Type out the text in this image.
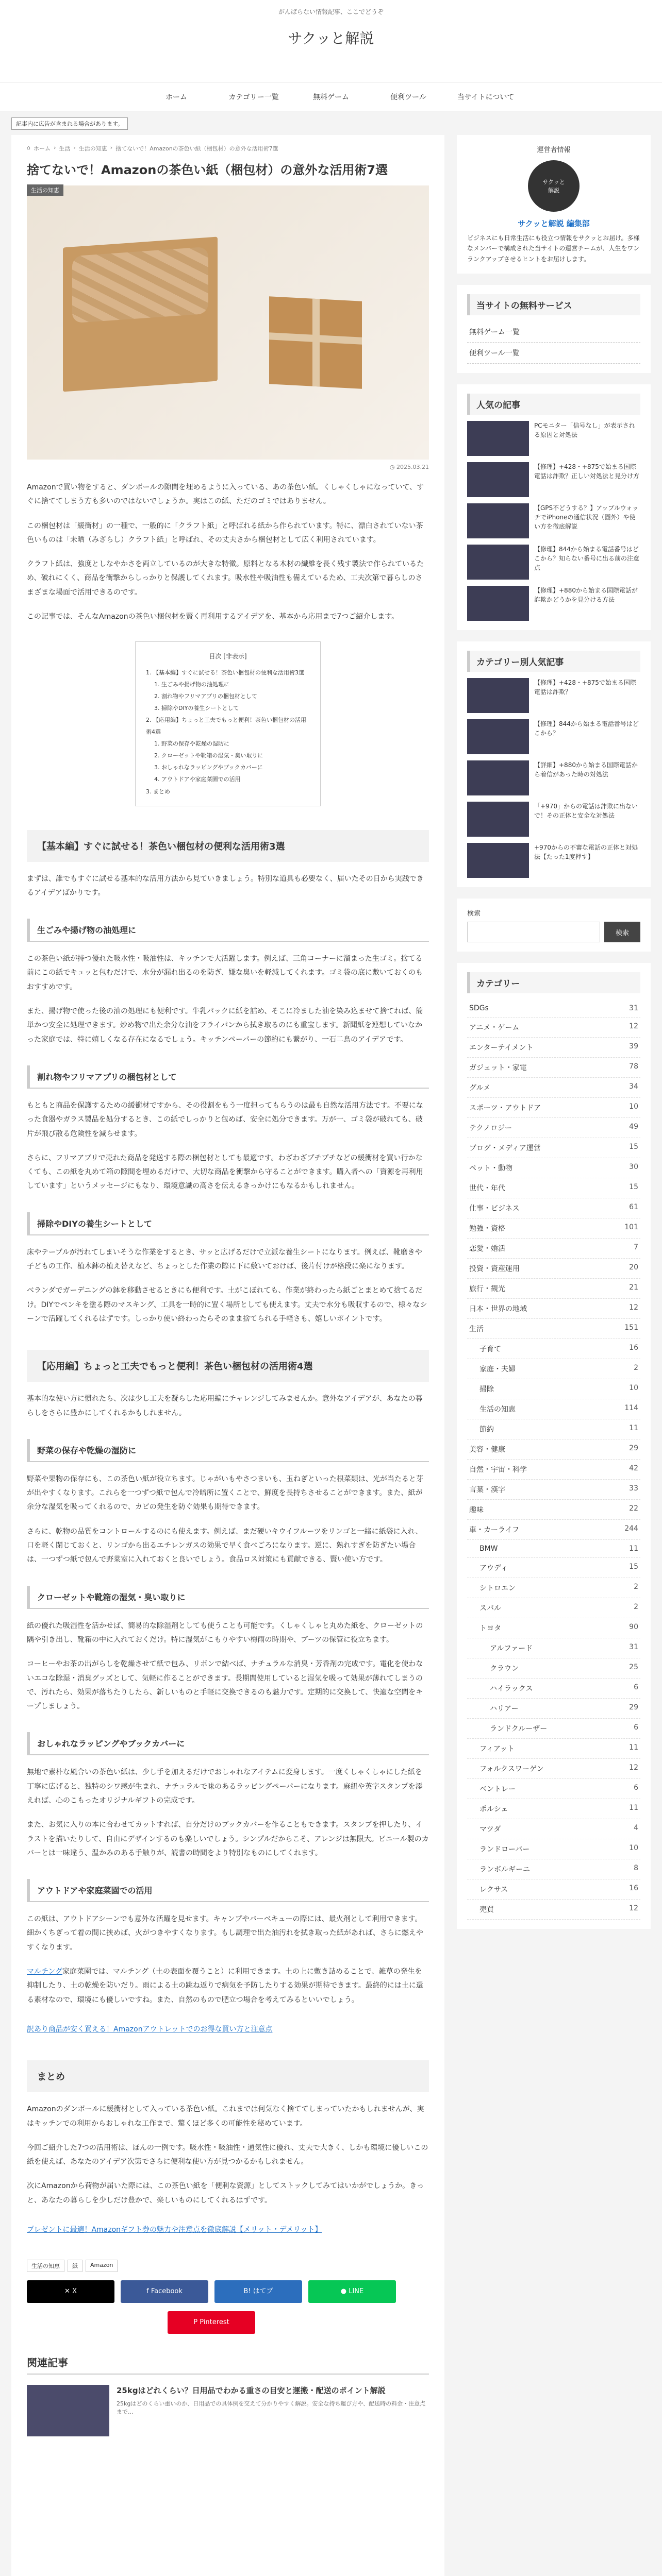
がんばらない情報記事、ここでどうぞ
サクッと解説
ホーム	カテゴリー一覧	無料ゲーム	便利ツール	当サイトについて
記事内に広告が含まれる場合があります。
⌂ ホーム › 生活 › 生活の知恵 › 捨てないで！Amazonの茶色い紙（梱包材）の意外な活用術7選
捨てないで！Amazonの茶色い紙（梱包材）の意外な活用術7選
生活の知恵
◷ 2025.03.21

Amazonで買い物をすると、ダンボールの隙間を埋めるように入っている、あの茶色い紙。くしゃくしゃになっていて、すぐに捨ててしまう方も多いのではないでしょうか。実はこの紙、ただのゴミではありません。

この梱包材は「緩衝材」の一種で、一般的に「クラフト紙」と呼ばれる紙から作られています。特に、漂白されていない茶色いものは「未晒（みざらし）クラフト紙」と呼ばれ、その丈夫さから梱包材として広く利用されています。

クラフト紙は、強度としなやかさを両立しているのが大きな特徴。原料となる木材の繊維を長く残す製法で作られているため、破れにくく、商品を衝撃からしっかりと保護してくれます。吸水性や吸油性も備えているため、工夫次第で暮らしのさまざまな場面で活用できるのです。

この記事では、そんなAmazonの茶色い梱包材を賢く再利用するアイデアを、基本から応用まで7つご紹介します。

目次 [非表示]
1. 【基本編】すぐに試せる！茶色い梱包材の便利な活用術3選
1. 生ごみや揚げ物の油処理に
2. 割れ物やフリマアプリの梱包材として
3. 掃除やDIYの養生シートとして
2. 【応用編】ちょっと工夫でもっと便利！茶色い梱包材の活用術4選
1. 野菜の保存や乾燥の湿防に
2. クローゼットや靴箱の湿気・臭い取りに
3. おしゃれなラッピングやブックカバーに
4. アウトドアや家庭菜園での活用
3. まとめ
【基本編】すぐに試せる！茶色い梱包材の便利な活用術3選

まずは、誰でもすぐに試せる基本的な活用方法から見ていきましょう。特別な道具も必要なく、届いたその日から実践できるアイデアばかりです。

生ごみや揚げ物の油処理に

この茶色い紙が持つ優れた吸水性・吸油性は、キッチンで大活躍します。例えば、三角コーナーに溜まった生ゴミ。捨てる前にこの紙でキュッと包むだけで、水分が漏れ出るのを防ぎ、嫌な臭いを軽減してくれます。ゴミ袋の底に敷いておくのもおすすめです。

また、揚げ物で使った後の油の処理にも便利です。牛乳パックに紙を詰め、そこに冷ました油を染み込ませて捨てれば、簡単かつ安全に処理できます。炒め物で出た余分な油をフライパンから拭き取るのにも重宝します。新聞紙を連想していなかった家庭では、特に嬉しくなる存在になるでしょう。キッチンペーパーの節約にも繋がり、一石二鳥のアイデアです。

割れ物やフリマアプリの梱包材として

もともと商品を保護するための緩衝材ですから、その役割をもう一度担ってもらうのは最も自然な活用方法です。不要になった食器やガラス製品を処分するとき、この紙でしっかりと包めば、安全に処分できます。万が一、ゴミ袋が破れても、破片が飛び散る危険性を減らせます。

さらに、フリマアプリで売れた商品を発送する際の梱包材としても最適です。わざわざプチプチなどの緩衝材を買い行かなくても、この紙を丸めて箱の隙間を埋めるだけで、大切な商品を衝撃から守ることができます。購入者への「資源を再利用しています」というメッセージにもなり、環境意識の高さを伝えるきっかけにもなるかもしれません。

掃除やDIYの養生シートとして

床やテーブルが汚れてしまいそうな作業をするとき、サッと広げるだけで立派な養生シートになります。例えば、靴磨きや子どもの工作、植木鉢の植え替えなど、ちょっとした作業の際に下に敷いておけば、後片付けが格段に楽になります。

ベランダでガーデニングの鉢を移動させるときにも便利です。土がこぼれても、作業が終わったら紙ごとまとめて捨てるだけ。DIYでペンキを塗る際のマスキング、工具を一時的に置く場所としても使えます。丈夫で水分も吸収するので、様々なシーンで活躍してくれるはずです。しっかり使い終わったらそのまま捨てられる手軽さも、嬉しいポイントです。

【応用編】ちょっと工夫でもっと便利！茶色い梱包材の活用術4選

基本的な使い方に慣れたら、次は少し工夫を凝らした応用編にチャレンジしてみませんか。意外なアイデアが、あなたの暮らしをさらに豊かにしてくれるかもしれません。

野菜の保存や乾燥の湿防に

野菜や果物の保存にも、この茶色い紙が役立ちます。じゃがいもやさつまいも、玉ねぎといった根菜類は、光が当たると芽が出やすくなります。これらを一つずつ紙で包んで冷暗所に置くことで、鮮度を長持ちさせることができます。また、紙が余分な湿気を吸ってくれるので、カビの発生を防ぐ効果も期待できます。

さらに、乾物の品質をコントロールするのにも使えます。例えば、まだ硬いキウイフルーツをリンゴと一緒に紙袋に入れ、口を軽く閉じておくと、リンゴから出るエチレンガスの効果で早く食べごろになります。逆に、熟れすぎを防ぎたい場合は、一つずつ紙で包んで野菜室に入れておくと良いでしょう。食品ロス対策にも貢献できる、賢い使い方です。

クローゼットや靴箱の湿気・臭い取りに

紙の優れた吸湿性を活かせば、簡易的な除湿剤としても使うことも可能です。くしゃくしゃと丸めた紙を、クローゼットの隅や引き出し、靴箱の中に入れておくだけ。特に湿気がこもりやすい梅雨の時期や、ブーツの保管に役立ちます。

コーヒーやお茶の出がらしを乾燥させて紙で包み、リボンで結べば、ナチュラルな消臭・芳香剤の完成です。電化を使わないエコな除湿・消臭グッズとして、気軽に作ることができます。長期間使用していると湿気を吸って効果が薄れてしまうので、汚れたら、効果が落ちたりしたら、新しいものと手軽に交換できるのも魅力です。定期的に交換して、快適な空間をキープしましょう。

おしゃれなラッピングやブックカバーに

無地で素朴な風合いの茶色い紙は、少し手を加えるだけでおしゃれなアイテムに変身します。一度くしゃくしゃにした紙を丁寧に広げると、独特のシワ感が生まれ、ナチュラルで味のあるラッピングペーパーになります。麻紐や英字スタンプを添えれば、心のこもったオリジナルギフトの完成です。

また、お気に入りの本に合わせてカットすれば、自分だけのブックカバーを作ることもできます。スタンプを押したり、イラストを描いたりして、自由にデザインするのも楽しいでしょう。シンプルだからこそ、アレンジは無限大。ビニール製のカバーとは一味違う、温かみのある手触りが、読書の時間をより特別なものにしてくれます。

アウトドアや家庭菜園での活用

この紙は、アウトドアシーンでも意外な活躍を見せます。キャンプやバーベキューの際には、最火剤として利用できます。細かくちぎって着の間に挟めば、火がつきやすくなります。もし調理で出た油汚れを拭き取った紙があれば、さらに燃えやすくなります。

マルチング家庭菜園では、マルチング（土の表面を覆うこと）に利用できます。土の上に敷き詰めることで、雑草の発生を抑制したり、土の乾燥を防いだり。雨による土の跳ね返りで病気を予防したりする効果が期待できます。最終的には土に還る素材なので、環境にも優しいですね。また、自然のもので肥立つ場合を考えてみるといいでしょう。

訳あり商品が安く買える！Amazonアウトレットでのお得な買い方と注意点

まとめ

Amazonのダンボールに緩衝材として入っている茶色い紙。これまでは何気なく捨ててしまっていたかもしれませんが、実はキッチンでの利用からおしゃれな工作まで、驚くほど多くの可能性を秘めています。

今回ご紹介した7つの活用術は、ほんの一例です。吸水性・吸油性・通気性に優れ、丈夫で大きく、しかも環境に優しいこの紙を使えば、あなたのアイデア次第でさらに便利な使い方が見つかるかもしれません。

次にAmazonから荷物が届いた際には、この茶色い紙を「便利な資源」としてストックしてみてはいかがでしょうか。きっと、あなたの暮らしを少しだけ豊かで、楽しいものにしてくれるはずです。

プレゼントに最適！Amazonギフト券の魅力や注意点を徹底解説【メリット・デメリット】

生活の知恵	紙	Amazon
✕ X	f Facebook	B! はてブ	● LINE
P Pinterest
関連記事
25kgはどれくらい？日用品でわかる重さの目安と運搬・配送のポイント解説
25kgはどのくらい重いのか、日用品での具体例を交えて分かりやすく解説。安全な持ち運び方や、配送時の料金・注意点まで...
運営者情報
サクッと
解説
サクッと解説 編集部
ビジネスにも日常生活にも役立つ情報をサクッとお届け。多様なメンバーで構成された当サイトの運営チームが、人生をワンランクアップさせるヒントをお届けします。
当サイトの無料サービス
無料ゲーム一覧
便利ツール一覧
人気の記事
PCモニター「信号なし」が表示される原因と対処法
【修理】+428・+875で始まる国際電話は詐欺？正しい対処法と見分け方
【GPS不どうする？】アップルウォッチでiPhoneの通信状況（圏外）や使い方を徹底解説
【修理】844から始まる電話番号はどこから？知らない番号に出る前の注意点
【修理】+880から始まる国際電話が詐欺かどうかを見分ける方法
カテゴリー別人気記事
【修理】+428・+875で始まる国際電話は詐欺？
【修理】844から始まる電話番号はどこから？
【詳細】+880から始まる国際電話から着信があった時の対処法
「+970」からの電話は詐欺に出ないで！その正体と安全な対処法
+970からの不審な電話の正体と対処法【たった1度押す】
検索
検索
カテゴリー
SDGs	31
アニメ・ゲーム	12
エンターテイメント	39
ガジェット・家電	78
グルメ	34
スポーツ・アウトドア	10
テクノロジー	49
ブログ・メディア運営	15
ペット・動物	30
世代・年代	15
仕事・ビジネス	61
勉強・資格	101
恋愛・婚活	7
投資・資産運用	20
旅行・観光	21
日本・世界の地域	12
生活	151
子育て	16
家庭・夫婦	2
掃除	10
生活の知恵	114
節約	11
美容・健康	29
自然・宇宙・科学	42
言葉・漢字	33
趣味	22
車・カーライフ	244
BMW	11
アウディ	15
シトロエン	2
スバル	2
トヨタ	90
アルファード	31
クラウン	25
ハイラックス	6
ハリアー	29
ランドクルーザー	6
フィアット	11
フォルクスワーゲン	12
ベントレー	6
ポルシェ	11
マツダ	4
ランドローバー	10
ランボルギーニ	8
レクサス	16
売買	12
